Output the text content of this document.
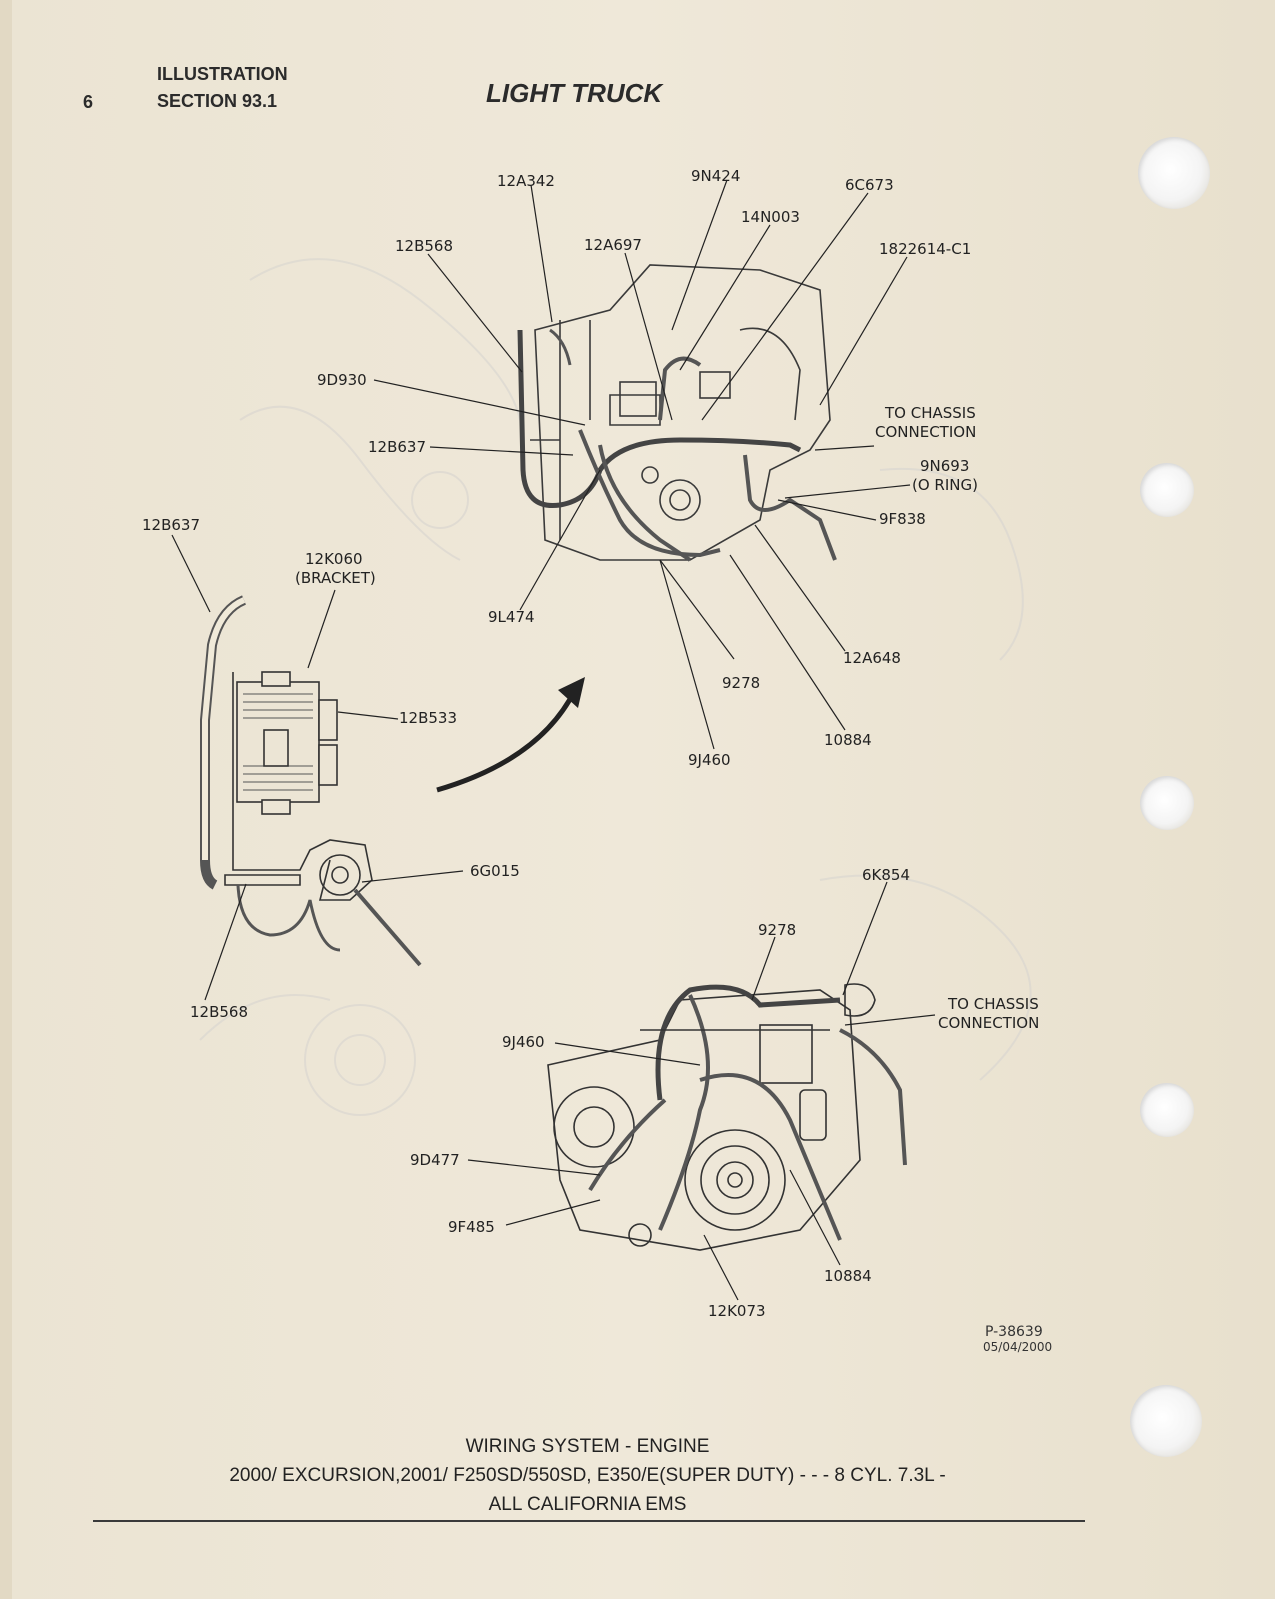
6
ILLUSTRATION
SECTION 93.1	LIGHT TRUCK
12A342	9N424	6C673
14N003
12B568	12A697	1822614-C1
9D930
TO CHASSIS
CONNECTION
12B637
9N693
(O RING)
9F838
9L474
12A648
9278
10884
9J460
12B637
12K060
(BRACKET)
12B533
6G015
12B568
6K854
9278
TO CHASSIS
CONNECTION
9J460
9D477
9F485
10884
12K073
P-38639
05/04/2000
WIRING SYSTEM - ENGINE
2000/ EXCURSION,2001/ F250SD/550SD, E350/E(SUPER DUTY) - - - 8 CYL. 7.3L -
ALL CALIFORNIA EMS
